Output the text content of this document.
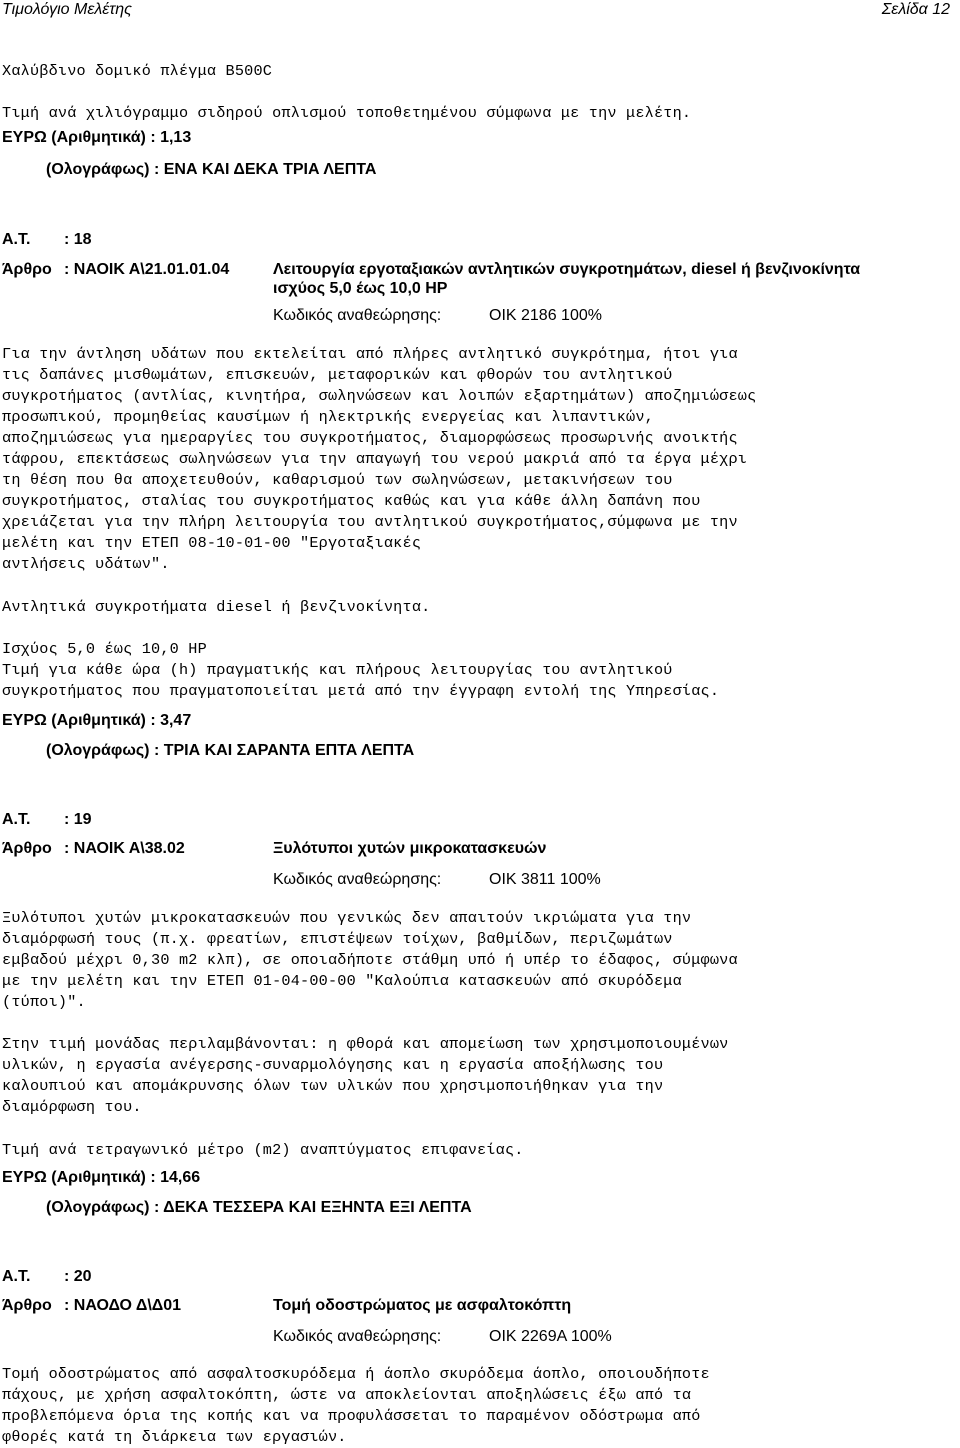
Τιμολόγιο Μελέτης	Σελίδα 12
Χαλύβδινο δομικό πλέγμα B500C
Τιμή ανά χιλιόγραμμο σιδηρού οπλισμού τοποθετημένου σύμφωνα με την μελέτη.
ΕΥΡΩ (Αριθμητικά) : 1,13
(Ολογράφως) : ΕΝΑ ΚΑΙ ΔΕΚΑ ΤΡΙΑ ΛΕΠΤΑ
Α.Τ. : 18
Άρθρο : ΝΑΟΙΚ Α\21.01.01.04	Λειτουργία εργοταξιακών αντλητικών συγκροτημάτων, diesel ή βενζινοκίνητα
ισχύος 5,0 έως 10,0 HP
Κωδικός αναθεώρησης:	ΟΙΚ 2186 100%
Για την άντληση υδάτων που εκτελείται από πλήρες αντλητικό συγκρότημα, ήτοι για
τις δαπάνες μισθωμάτων, επισκευών, μεταφορικών και φθορών του αντλητικού
συγκροτήματος (αντλίας, κινητήρα, σωληνώσεων και λοιπών εξαρτημάτων) αποζημιώσεως
προσωπικού, προμηθείας καυσίμων ή ηλεκτρικής ενεργείας και λιπαντικών,
αποζημιώσεως για ημεραργίες του συγκροτήματος, διαμορφώσεως προσωρινής ανοικτής
τάφρου, επεκτάσεως σωληνώσεων για την απαγωγή του νερού μακριά από τα έργα μέχρι
τη θέση που θα αποχετευθούν, καθαρισμού των σωληνώσεων, μετακινήσεων του
συγκροτήματος, σταλίας του συγκροτήματος καθώς και για κάθε άλλη δαπάνη που
χρειάζεται για την πλήρη λειτουργία του αντλητικού συγκροτήματος,σύμφωνα με την
μελέτη και την ΕΤΕΠ 08-10-01-00 "Εργοταξιακές
αντλήσεις υδάτων".
Αντλητικά συγκροτήματα diesel ή βενζινοκίνητα.
Ισχύος 5,0 έως 10,0 HP
Τιμή για κάθε ώρα (h) πραγματικής και πλήρους λειτουργίας του αντλητικού
συγκροτήματος που πραγματοποιείται μετά από την έγγραφη εντολή της Υπηρεσίας.
ΕΥΡΩ (Αριθμητικά) : 3,47
(Ολογράφως) : ΤΡΙΑ ΚΑΙ ΣΑΡΑΝΤΑ ΕΠΤΑ ΛΕΠΤΑ
Α.Τ. : 19
Άρθρο : ΝΑΟΙΚ Α\38.02	Ξυλότυποι χυτών μικροκατασκευών
Κωδικός αναθεώρησης:	ΟΙΚ 3811 100%
Ξυλότυποι χυτών μικροκατασκευών που γενικώς δεν απαιτούν ικριώματα για την
διαμόρφωσή τους (π.χ. φρεατίων, επιστέψεων τοίχων, βαθμίδων, περιζωμάτων
εμβαδού μέχρι 0,30 m2 κλπ), σε οποιαδήποτε στάθμη υπό ή υπέρ το έδαφος, σύμφωνα
με την μελέτη και την ΕΤΕΠ 01-04-00-00 "Καλούπια κατασκευών από σκυρόδεμα
(τύποι)".
Στην τιμή μονάδας περιλαμβάνονται: η φθορά και απομείωση των χρησιμοποιουμένων
υλικών, η εργασία ανέγερσης-συναρμολόγησης και η εργασία αποξήλωσης του
καλουπιού και απομάκρυνσης όλων των υλικών που χρησιμοποιήθηκαν για την
διαμόρφωση του.
Τιμή ανά τετραγωνικό μέτρο (m2) αναπτύγματος επιφανείας.
ΕΥΡΩ (Αριθμητικά) : 14,66
(Ολογράφως) : ΔΕΚΑ ΤΕΣΣΕΡΑ ΚΑΙ ΕΞΗΝΤΑ ΕΞΙ ΛΕΠΤΑ
Α.Τ. : 20
Άρθρο : ΝΑΟΔΟ Δ\Δ01	Τομή οδοστρώματος με ασφαλτοκόπτη
Κωδικός αναθεώρησης:	ΟΙΚ 2269Α 100%
Τομή οδοστρώματος από ασφαλτοσκυρόδεμα ή άοπλο σκυρόδεμα άοπλο, οποιουδήποτε
πάχους, με χρήση ασφαλτοκόπτη, ώστε να αποκλείονται αποξηλώσεις έξω από τα
προβλεπόμενα όρια της κοπής και να προφυλάσσεται το παραμένον οδόστρωμα από
φθορές κατά τη διάρκεια των εργασιών.
